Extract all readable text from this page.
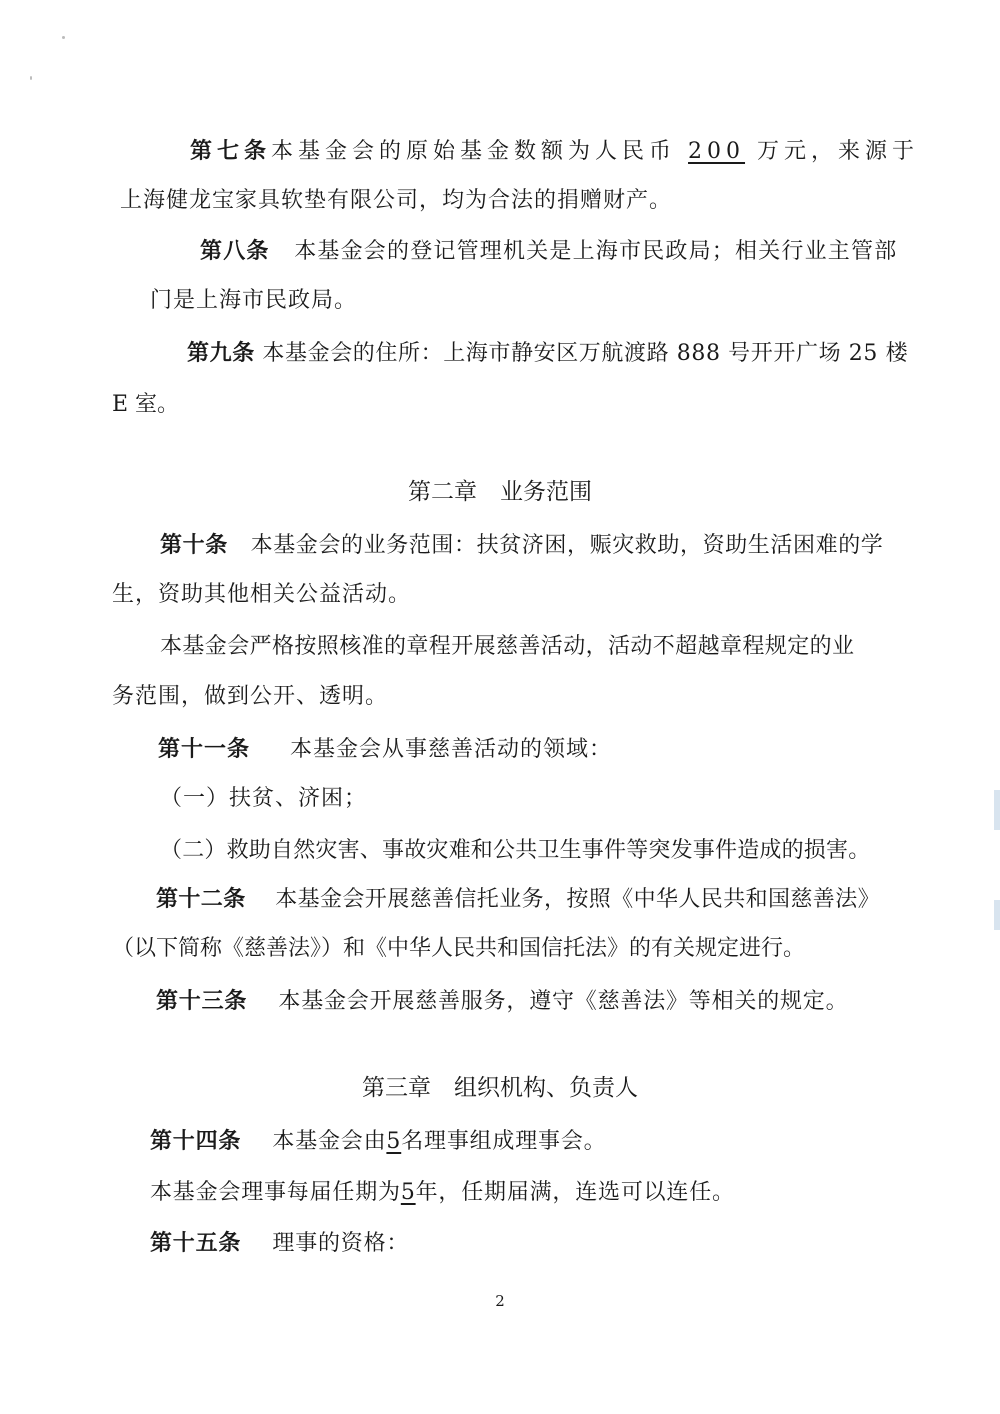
第七条本基金会的原始基金数额为人民币 200 万元，来源于
上海健龙宝家具软垫有限公司，均为合法的捐赠财产。
第八条 本基金会的登记管理机关是上海市民政局；相关行业主管部
门是上海市民政局。
第九条 本基金会的住所：上海市静安区万航渡路 888 号开开广场 25 楼
E 室。
第二章　业务范围
第十条 本基金会的业务范围：扶贫济困，赈灾救助，资助生活困难的学
生，资助其他相关公益活动。
本基金会严格按照核准的章程开展慈善活动，活动不超越章程规定的业
务范围，做到公开、透明。
第十一条 本基金会从事慈善活动的领域：
（一）扶贫、济困；
（二）救助自然灾害、事故灾难和公共卫生事件等突发事件造成的损害。
第十二条 本基金会开展慈善信托业务，按照《中华人民共和国慈善法》
（以下简称《慈善法》）和《中华人民共和国信托法》的有关规定进行。
第十三条 本基金会开展慈善服务，遵守《慈善法》等相关的规定。
第三章　组织机构、负责人
第十四条 本基金会由5名理事组成理事会。
本基金会理事每届任期为5年，任期届满，连选可以连任。
第十五条 理事的资格：
2
